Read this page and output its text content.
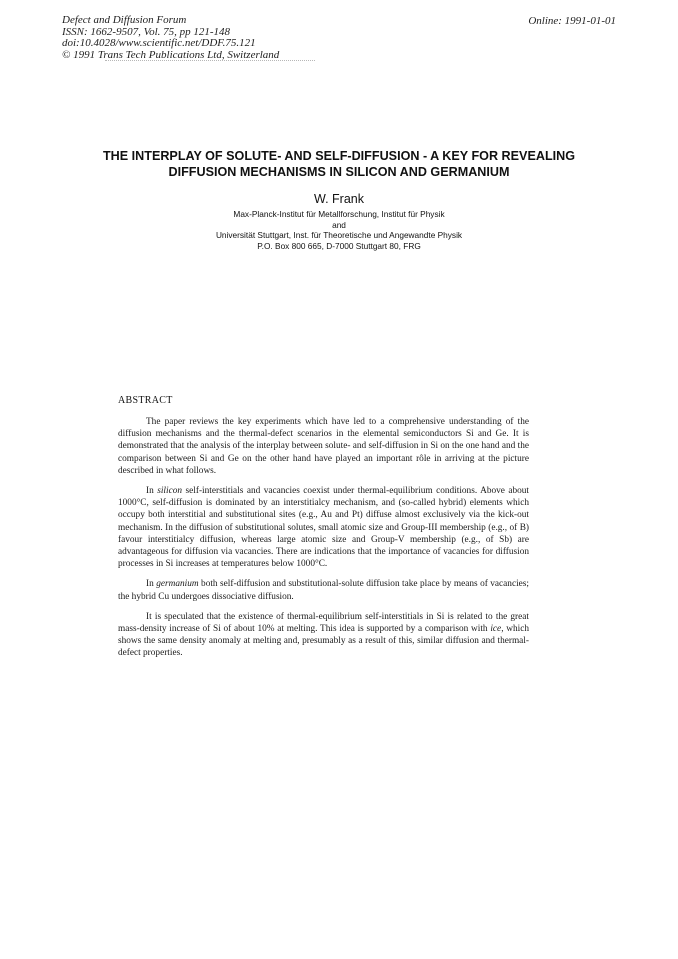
Defect and Diffusion Forum
ISSN: 1662-9507, Vol. 75, pp 121-148
doi:10.4028/www.scientific.net/DDF.75.121
© 1991 Trans Tech Publications Ltd, Switzerland
Online: 1991-01-01
THE INTERPLAY OF SOLUTE- AND SELF-DIFFUSION - A KEY FOR REVEALING DIFFUSION MECHANISMS IN SILICON AND GERMANIUM
W. Frank
Max-Planck-Institut für Metallforschung, Institut für Physik
and
Universität Stuttgart, Inst. für Theoretische und Angewandte Physik
P.O. Box 800 665, D-7000 Stuttgart 80, FRG
ABSTRACT

The paper reviews the key experiments which have led to a comprehensive understanding of the diffusion mechanisms and the thermal-defect scenarios in the elemental semiconductors Si and Ge. It is demonstrated that the analysis of the interplay between solute- and self-diffusion in Si on the one hand and the comparison between Si and Ge on the other hand have played an important rôle in arriving at the picture described in what follows.

In silicon self-interstitials and vacancies coexist under thermal-equilibrium conditions. Above about 1000°C, self-diffusion is dominated by an interstitialcy mechanism, and (so-called hybrid) elements which occupy both interstitial and substitutional sites (e.g., Au and Pt) diffuse almost exclusively via the kick-out mechanism. In the diffusion of substitutional solutes, small atomic size and Group-III membership (e.g., of B) favour interstitialcy diffusion, whereas large atomic size and Group-V membership (e.g., of Sb) are advantageous for diffusion via vacancies. There are indications that the importance of vacancies for diffusion processes in Si increases at temperatures below 1000°C.

In germanium both self-diffusion and substitutional-solute diffusion take place by means of vacancies; the hybrid Cu undergoes dissociative diffusion.

It is speculated that the existence of thermal-equilibrium self-interstitials in Si is related to the great mass-density increase of Si of about 10% at melting. This idea is supported by a comparison with ice, which shows the same density anomaly at melting and, presumably as a result of this, similar diffusion and thermal-defect properties.
